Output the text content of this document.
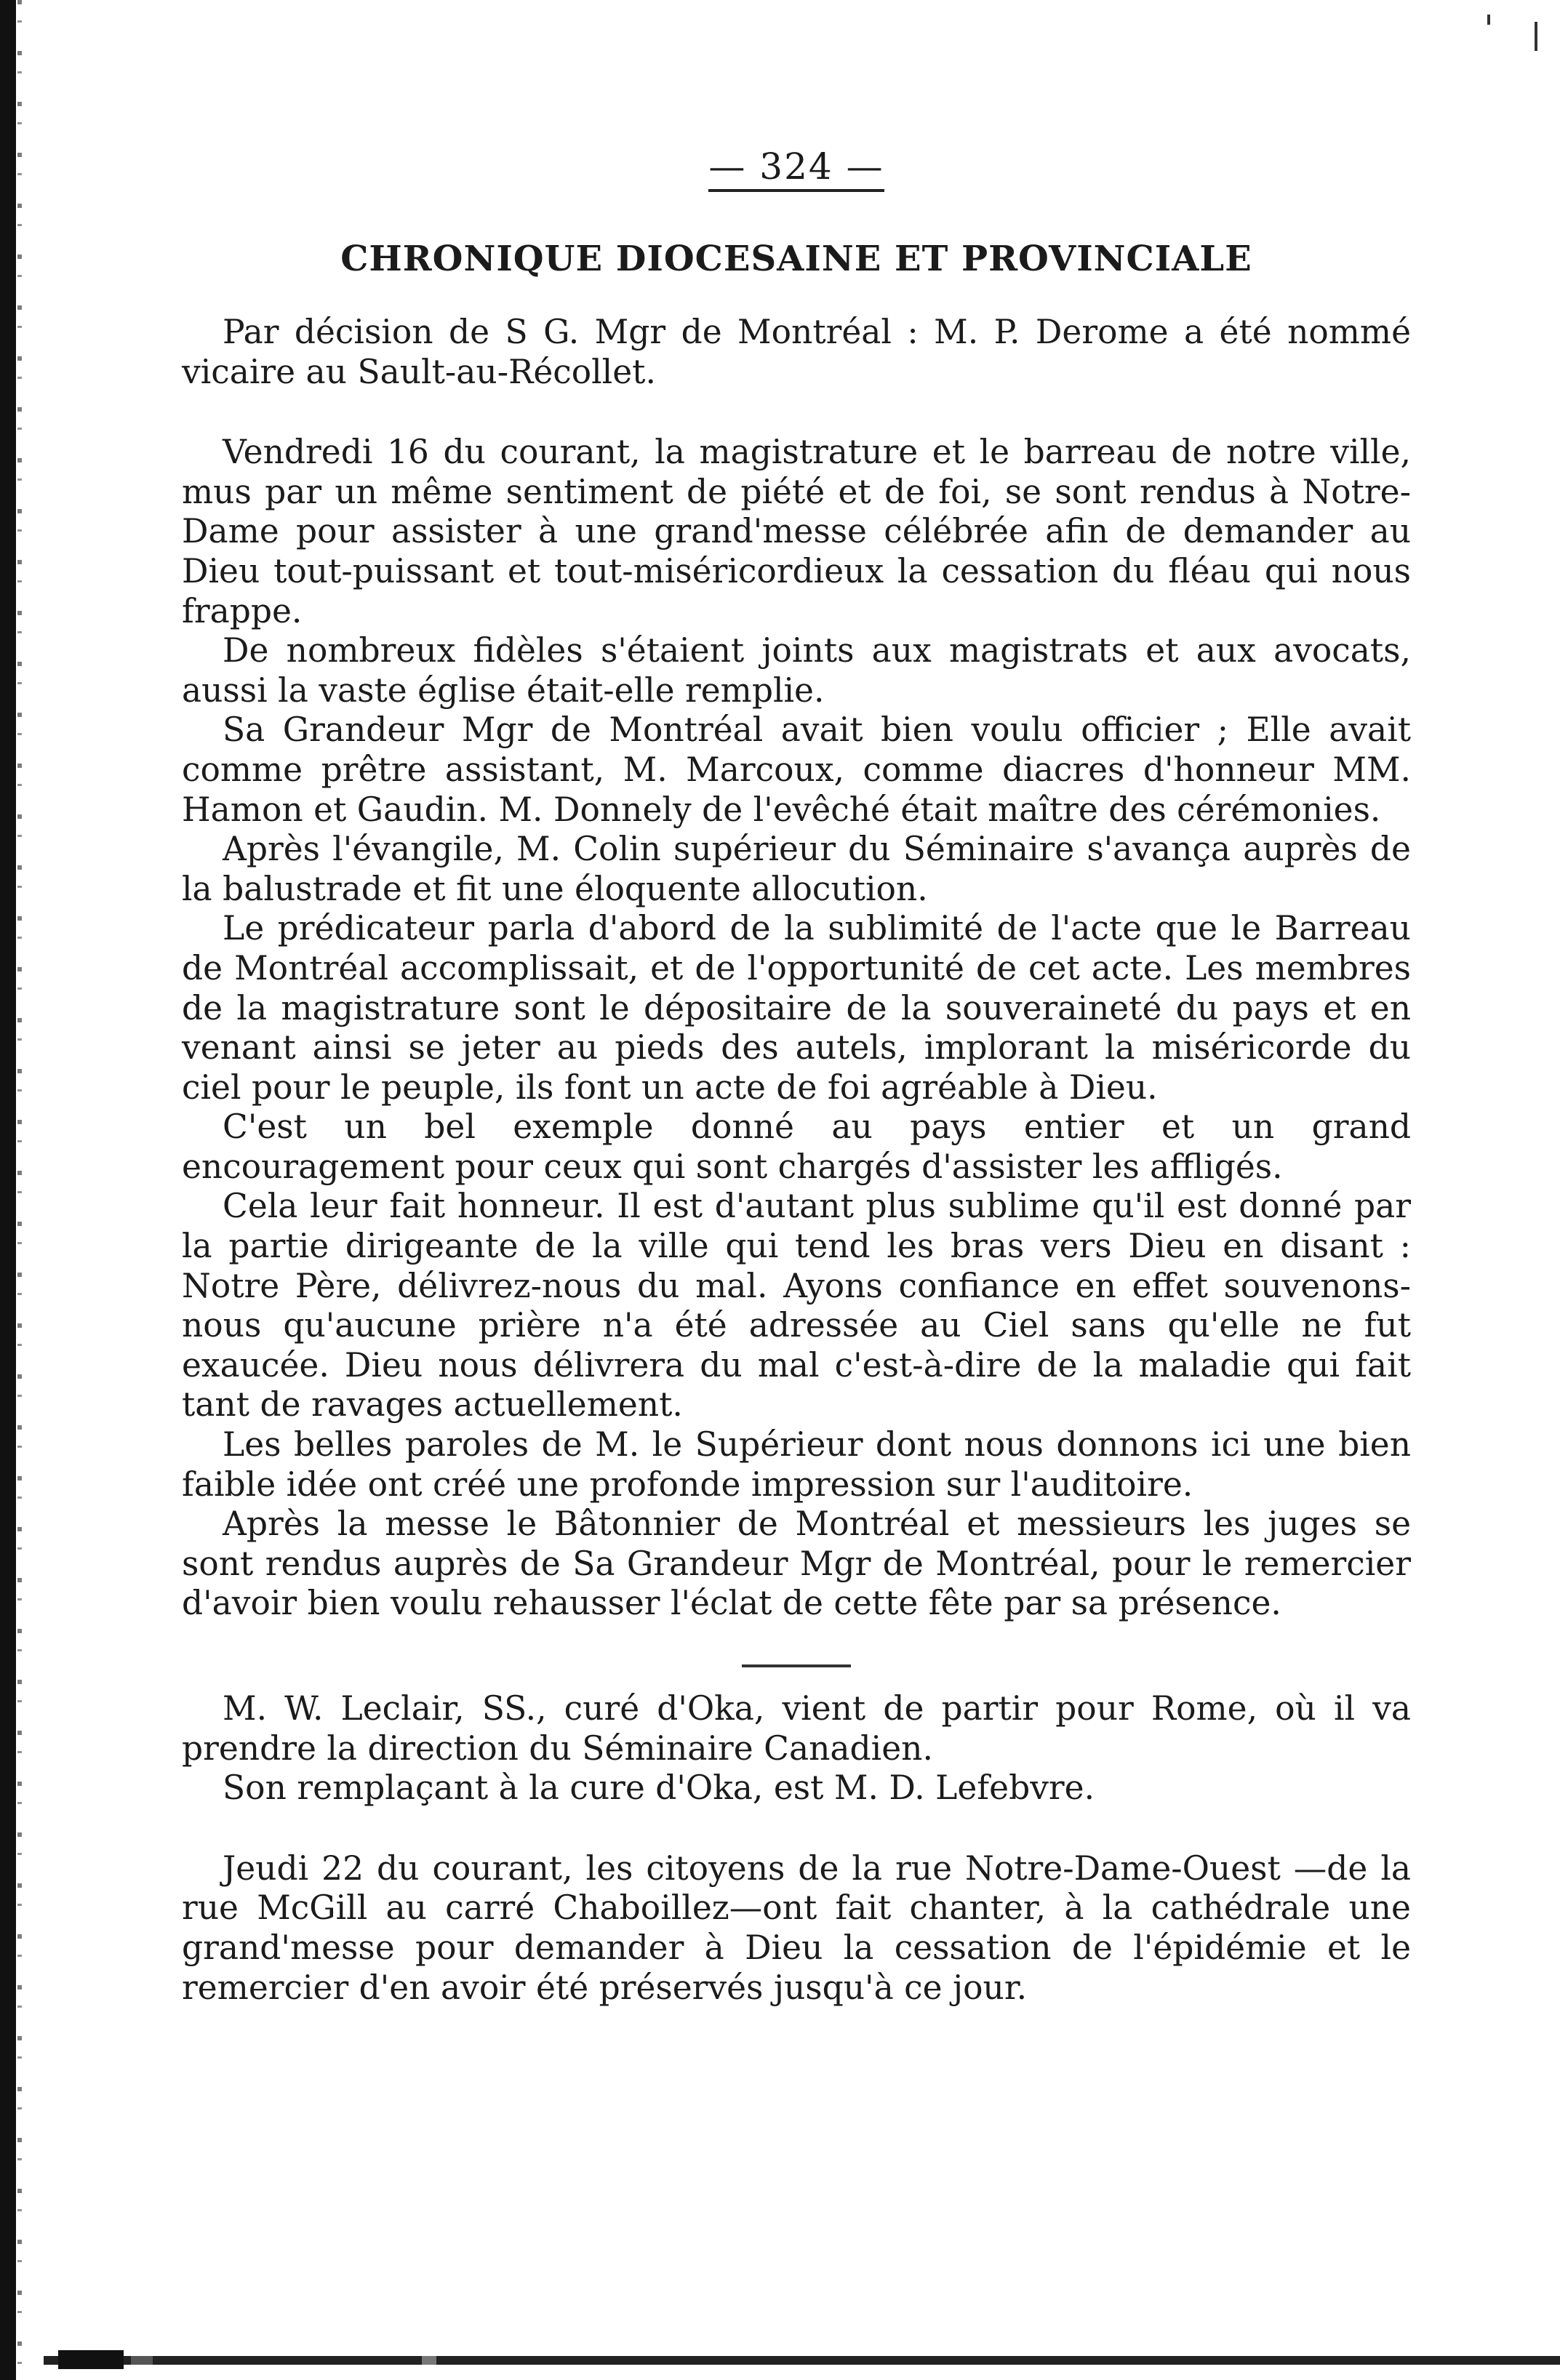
— 324 —
CHRONIQUE DIOCESAINE ET PROVINCIALE

Par décision de S G. Mgr de Montréal : M. P. Derome a été nommé vicaire au Sault-au-Récollet.

Vendredi 16 du courant, la magistrature et le barreau de notre ville, mus par un même sentiment de piété et de foi, se sont rendus à Notre-Dame pour assister à une grand'messe célébrée afin de demander au Dieu tout-puissant et tout-miséricordieux la cessation du fléau qui nous frappe.

De nombreux fidèles s'étaient joints aux magistrats et aux avocats, aussi la vaste église était-elle remplie.

Sa Grandeur Mgr de Montréal avait bien voulu officier ; Elle avait comme prêtre assistant, M. Marcoux, comme diacres d'honneur MM. Hamon et Gaudin. M. Donnely de l'evêché était maître des cérémonies.

Après l'évangile, M. Colin supérieur du Séminaire s'avança auprès de la balustrade et fit une éloquente allocution.

Le prédicateur parla d'abord de la sublimité de l'acte que le Barreau de Montréal accomplissait, et de l'opportunité de cet acte. Les membres de la magistrature sont le dépositaire de la souveraineté du pays et en venant ainsi se jeter au pieds des autels, implorant la miséricorde du ciel pour le peuple, ils font un acte de foi agréable à Dieu.

C'est un bel exemple donné au pays entier et un grand encouragement pour ceux qui sont chargés d'assister les affligés.

Cela leur fait honneur. Il est d'autant plus sublime qu'il est donné par la partie dirigeante de la ville qui tend les bras vers Dieu en disant : Notre Père, délivrez-nous du mal. Ayons confiance en effet souvenons-nous qu'aucune prière n'a été adressée au Ciel sans qu'elle ne fut exaucée. Dieu nous délivrera du mal c'est-à-dire de la maladie qui fait tant de ravages actuellement.

Les belles paroles de M. le Supérieur dont nous donnons ici une bien faible idée ont créé une profonde impression sur l'auditoire.

Après la messe le Bâtonnier de Montréal et messieurs les juges se sont rendus auprès de Sa Grandeur Mgr de Montréal, pour le remercier d'avoir bien voulu rehausser l'éclat de cette fête par sa présence.

M. W. Leclair, SS., curé d'Oka, vient de partir pour Rome, où il va prendre la direction du Séminaire Canadien.

Son remplaçant à la cure d'Oka, est M. D. Lefebvre.

Jeudi 22 du courant, les citoyens de la rue Notre-Dame-Ouest —de la rue McGill au carré Chaboillez—ont fait chanter, à la cathédrale une grand'messe pour demander à Dieu la cessation de l'épidémie et le remercier d'en avoir été préservés jusqu'à ce jour.
